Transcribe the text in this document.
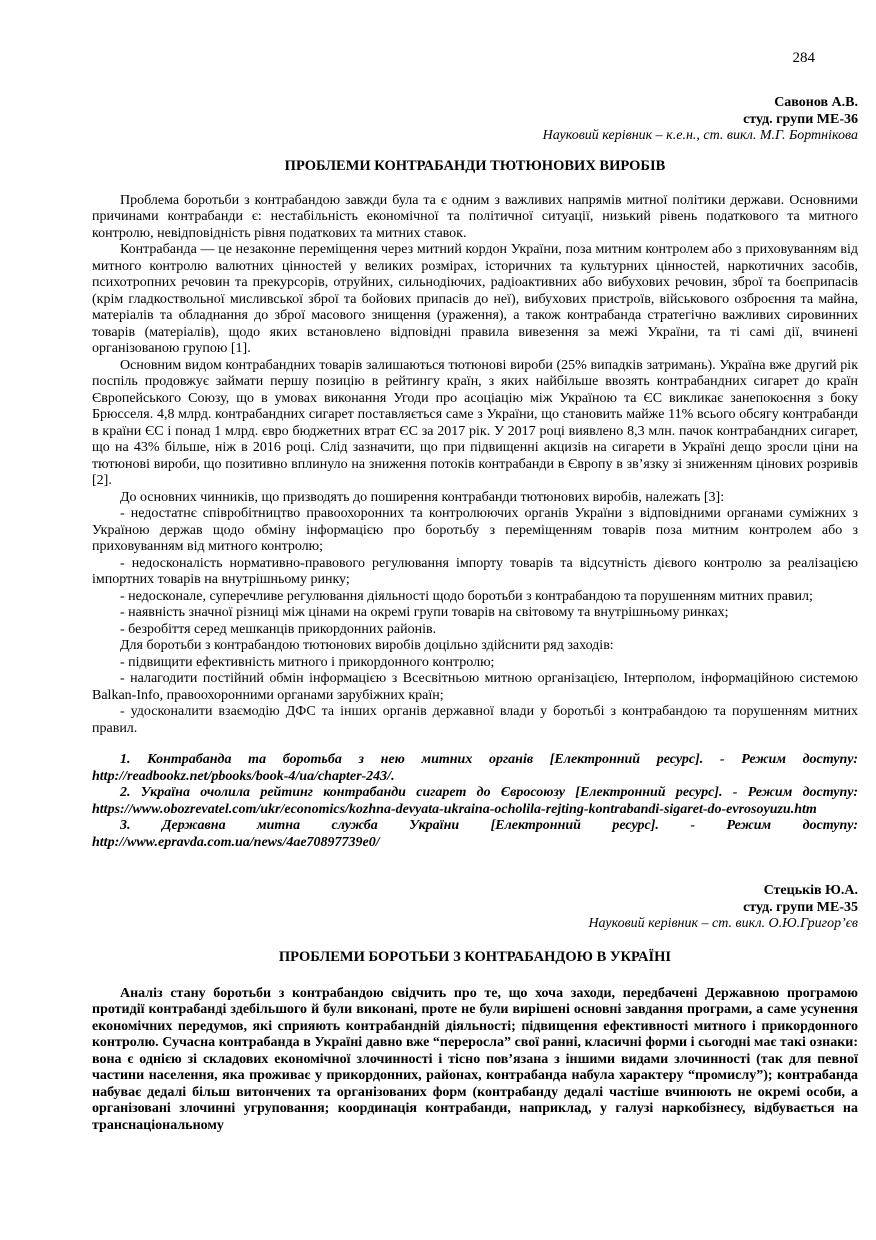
284
Савонов А.В.
студ. групи МЕ-36
Науковий керівник – к.е.н., ст. викл. М.Г. Бортнікова
ПРОБЛЕМИ КОНТРАБАНДИ ТЮТЮНОВИХ ВИРОБІВ

Проблема боротьби з контрабандою завжди була та є одним з важливих напрямів митної політики держави. Основними причинами контрабанди є: нестабільність економічної та політичної ситуації, низький рівень податкового та митного контролю, невідповідність рівня податкових та митних ставок.

Контрабанда — це незаконне переміщення через митний кордон України, поза митним контролем або з приховуванням від митного контролю валютних цінностей у великих розмірах, історичних та культурних цінностей, наркотичних засобів, психотропних речовин та прекурсорів, отруйних, сильнодіючих, радіоактивних або вибухових речовин, зброї та боєприпасів (крім гладкоствольної мисливської зброї та бойових припасів до неї), вибухових пристроїв, військового озброєння та майна, матеріалів та обладнання до зброї масового знищення (ураження), а також контрабанда стратегічно важливих сировинних товарів (матеріалів), щодо яких встановлено відповідні правила вивезення за межі України, та ті самі дії, вчинені організованою групою [1].

Основним видом контрабандних товарів залишаються тютюнові вироби (25% випадків затримань). Україна вже другий рік поспіль продовжує займати першу позицію в рейтингу країн, з яких найбільше ввозять контрабандних сигарет до країн Європейського Союзу, що в умовах виконання Угоди про асоціацію між Україною та ЄС викликає занепокоєння з боку Брюсселя. 4,8 млрд. контрабандних сигарет поставляється саме з України, що становить майже 11% всього обсягу контрабанди в країни ЄС і понад 1 млрд. євро бюджетних втрат ЄС за 2017 рік. У 2017 році виявлено 8,3 млн. пачок контрабандних сигарет, що на 43% більше, ніж в 2016 році. Слід зазначити, що при підвищенні акцизів на сигарети в Україні дещо зросли ціни на тютюнові вироби, що позитивно вплинуло на зниження потоків контрабанди в Європу в зв’язку зі зниженням цінових розривів [2].

До основних чинників, що призводять до поширення контрабанди тютюнових виробів, належать [3]:

- недостатнє співробітництво правоохоронних та контролюючих органів України з відповідними органами суміжних з Україною держав щодо обміну інформацією про боротьбу з переміщенням товарів поза митним контролем або з приховуванням від митного контролю;

- недосконалість нормативно-правового регулювання імпорту товарів та відсутність дієвого контролю за реалізацією імпортних товарів на внутрішньому ринку;

- недосконале, суперечливе регулювання діяльності щодо боротьби з контрабандою та порушенням митних правил;

- наявність значної різниці між цінами на окремі групи товарів на світовому та внутрішньому ринках;

- безробіття серед мешканців прикордонних районів.

Для боротьби з контрабандою тютюнових виробів доцільно здійснити ряд заходів:

- підвищити ефективність митного і прикордонного контролю;

- налагодити постійний обмін інформацією з Всесвітньою митною організацією, Інтерполом, інформаційною системою Balkan-Info, правоохоронними органами зарубіжних країн;

- удосконалити взаємодію ДФС та інших органів державної влади у боротьбі з контрабандою та порушенням митних правил.

1. Контрабанда та боротьба з нею митних органів [Електронний ресурс]. - Режим доступу: http://readbookz.net/pbooks/book-4/ua/chapter-243/.

2. Україна очолила рейтинг контрабанди сигарет до Євросоюзу [Електронний ресурс]. - Режим доступу: https://www.obozrevatel.com/ukr/economics/kozhna-devyata-ukraina-ocholila-rejting-kontrabandi-sigaret-do-evrosoyuzu.htm

3. Державна митна служба України [Електронний ресурс]. - Режим доступу: http://www.epravda.com.ua/news/4ae70897739e0/

Стецьків Ю.А.
студ. групи МЕ-35
Науковий керівник – ст. викл. О.Ю.Григор’єв
ПРОБЛЕМИ БОРОТЬБИ З КОНТРАБАНДОЮ В УКРАЇНІ

Аналіз стану боротьби з контрабандою свідчить про те, що хоча заходи, передбачені Державною програмою протидії контрабанді здебільшого й були виконані, проте не були вирішені основні завдання програми, а саме усунення економічних передумов, які сприяють контрабандній діяльності; підвищення ефективності митного і прикордонного контролю. Сучасна контрабанда в Україні давно вже “переросла” свої ранні, класичні форми і сьогодні має такі ознаки: вона є однією зі складових економічної злочинності і тісно пов’язана з іншими видами злочинності (так для певної частини населення, яка проживає у прикордонних, районах, контрабанда набула характеру “промислу”); контрабанда набуває дедалі більш витончених та організованих форм (контрабанду дедалі частіше вчинюють не окремі особи, а організовані злочинні угруповання; координація контрабанди, наприклад, у галузі наркобізнесу, відбувається на транснаціональному
